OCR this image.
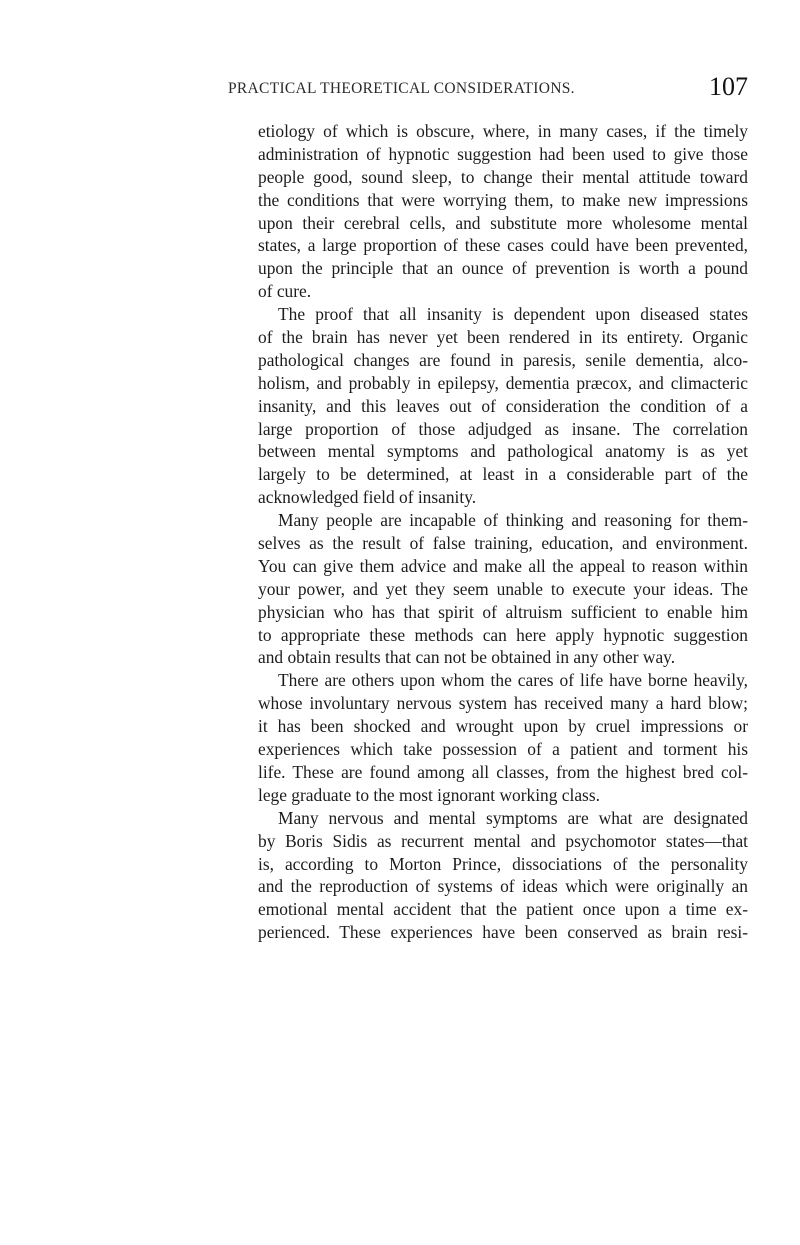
PRACTICAL THEORETICAL CONSIDERATIONS.	107
etiology of which is obscure, where, in many cases, if the timely
administration of hypnotic suggestion had been used to give those
people good, sound sleep, to change their mental attitude toward
the conditions that were worrying them, to make new impressions
upon their cerebral cells, and substitute more wholesome mental
states, a large proportion of these cases could have been prevented,
upon the principle that an ounce of prevention is worth a pound
of cure.
The proof that all insanity is dependent upon diseased states
of the brain has never yet been rendered in its entirety. Organic
pathological changes are found in paresis, senile dementia, alco-
holism, and probably in epilepsy, dementia præcox, and climacteric
insanity, and this leaves out of consideration the condition of a
large proportion of those adjudged as insane. The correlation
between mental symptoms and pathological anatomy is as yet
largely to be determined, at least in a considerable part of the
acknowledged field of insanity.
Many people are incapable of thinking and reasoning for them-
selves as the result of false training, education, and environment.
You can give them advice and make all the appeal to reason within
your power, and yet they seem unable to execute your ideas. The
physician who has that spirit of altruism sufficient to enable him
to appropriate these methods can here apply hypnotic suggestion
and obtain results that can not be obtained in any other way.
There are others upon whom the cares of life have borne heavily,
whose involuntary nervous system has received many a hard blow;
it has been shocked and wrought upon by cruel impressions or
experiences which take possession of a patient and torment his
life. These are found among all classes, from the highest bred col-
lege graduate to the most ignorant working class.
Many nervous and mental symptoms are what are designated
by Boris Sidis as recurrent mental and psychomotor states—that
is, according to Morton Prince, dissociations of the personality
and the reproduction of systems of ideas which were originally an
emotional mental accident that the patient once upon a time ex-
perienced. These experiences have been conserved as brain resi-
